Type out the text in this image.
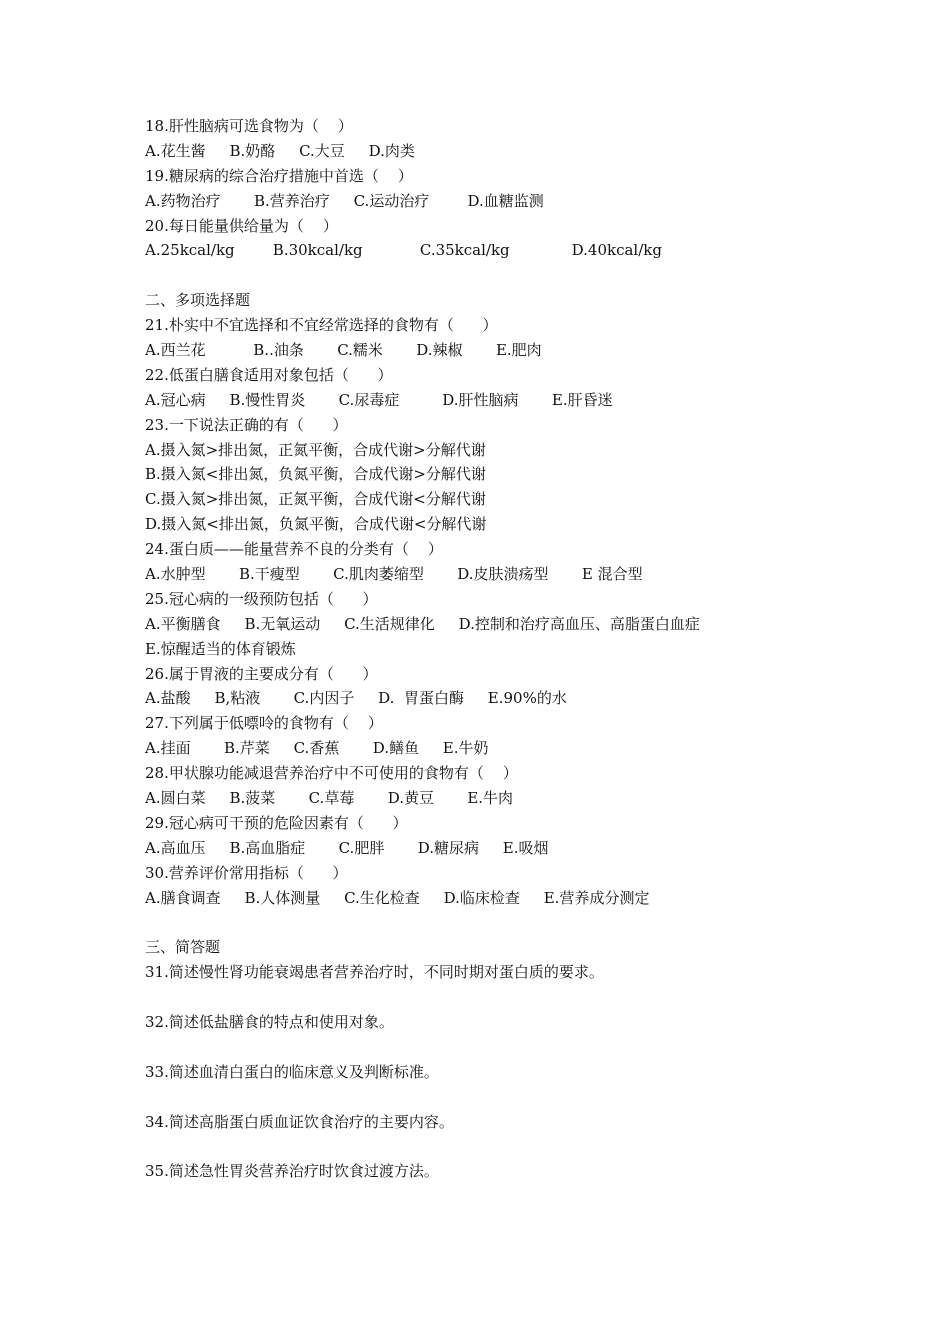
18.肝性脑病可选食物为（    ）
A.花生酱     B.奶酪     C.大豆     D.肉类
19.糖尿病的综合治疗措施中首选（    ）
A.药物治疗       B.营养治疗     C.运动治疗        D.血糖监测
20.每日能量供给量为（    ）
A.25kcal/kg        B.30kcal/kg            C.35kcal/kg             D.40kcal/kg
二、多项选择题
21.朴实中不宜选择和不宜经常选择的食物有（      ）
A.西兰花          B..油条       C.糯米       D.辣椒       E.肥肉
22.低蛋白膳食适用对象包括（      ）
A.冠心病     B.慢性胃炎       C.尿毒症         D.肝性脑病       E.肝昏迷
23.一下说法正确的有（      ）
A.摄入氮>排出氮，正氮平衡，合成代谢>分解代谢
B.摄入氮<排出氮，负氮平衡，合成代谢>分解代谢
C.摄入氮>排出氮，正氮平衡，合成代谢<分解代谢
D.摄入氮<排出氮，负氮平衡，合成代谢<分解代谢
24.蛋白质——能量营养不良的分类有（    ）
A.水肿型       B.干瘦型       C.肌肉萎缩型       D.皮肤溃疡型       E 混合型
25.冠心病的一级预防包括（      ）
A.平衡膳食     B.无氧运动     C.生活规律化     D.控制和治疗高血压、高脂蛋白血症
E.惊醒适当的体育锻炼
26.属于胃液的主要成分有（      ）
A.盐酸     B,粘液       C.内因子     D.  胃蛋白酶     E.90%的水
27.下列属于低嘌呤的食物有（    ）
A.挂面       B.芹菜     C.香蕉       D.鳝鱼     E.牛奶
28.甲状腺功能减退营养治疗中不可使用的食物有（    ）
A.圆白菜     B.菠菜       C.草莓       D.黄豆       E.牛肉
29.冠心病可干预的危险因素有（      ）
A.高血压     B.高血脂症       C.肥胖       D.糖尿病     E.吸烟
30.营养评价常用指标（      ）
A.膳食调查     B.人体测量     C.生化检查     D.临床检查     E.营养成分测定
三、简答题
31.简述慢性肾功能衰竭患者营养治疗时，不同时期对蛋白质的要求。
32.简述低盐膳食的特点和使用对象。
33.简述血清白蛋白的临床意义及判断标准。
34.简述高脂蛋白质血证饮食治疗的主要内容。
35.简述急性胃炎营养治疗时饮食过渡方法。
